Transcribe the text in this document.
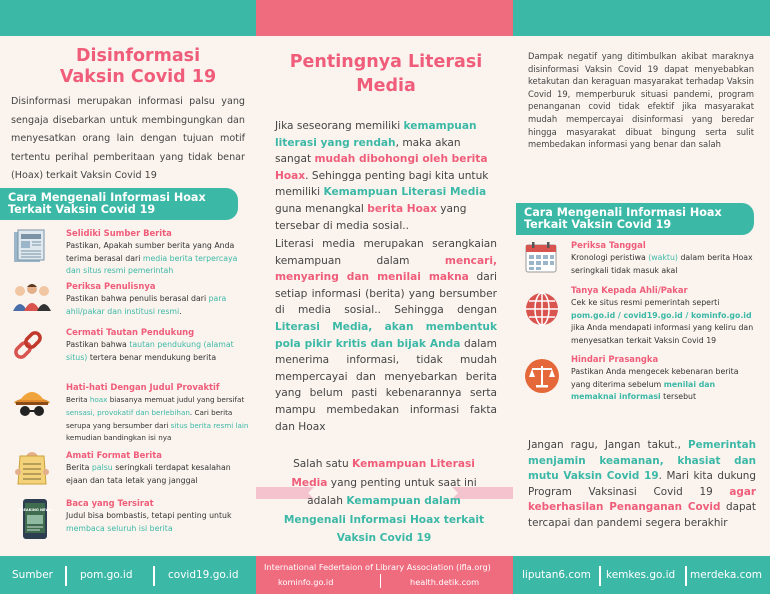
Disinformasi
Vaksin Covid 19
Disinformasi merupakan informasi palsu yang sengaja disebarkan untuk membingungkan dan menyesatkan orang lain dengan tujuan motif tertentu perihal pemberitaan yang tidak benar (Hoax) terkait Vaksin Covid 19
Cara Mengenali Informasi Hoax
Terkait Vaksin Covid 19
Selidiki Sumber Berita
Pastikan, Apakah sumber berita yang Anda terima berasal dari media berita terpercaya dan situs resmi pemerintah
Periksa Penulisnya
Pastikan bahwa penulis berasal dari para ahli/pakar dan institusi resmi.
Cermati Tautan Pendukung
Pastikan bahwa tautan pendukung (alamat situs) tertera benar mendukung berita
Hati-hati Dengan Judul Provaktif
Berita hoax biasanya memuat judul yang bersifat sensasi, provokatif dan berlebihan. Cari berita serupa yang bersumber dari situs berita resmi lain kemudian bandingkan isi nya
Amati Format Berita
Berita palsu seringkali terdapat kesalahan ejaan dan tata letak yang janggal
BREAKING NEWS
Baca yang Tersirat
Judul bisa bombastis, tetapi penting untuk membaca seluruh isi berita
Pentingnya Literasi
Media
Jika seseorang memiliki kemampuan literasi yang rendah, maka akan sangat mudah dibohongi oleh berita Hoax. Sehingga penting bagi kita untuk memiliki Kemampuan Literasi Media guna menangkal berita Hoax yang tersebar di media sosial..
Literasi media merupakan serangkaian kemampuan dalam mencari, menyaring dan menilai makna dari setiap informasi (berita) yang bersumber di media sosial.. Sehingga dengan Literasi Media, akan membentuk pola pikir kritis dan bijak Anda dalam menerima informasi, tidak mudah mempercayai dan menyebarkan berita yang belum pasti kebenarannya serta mampu membedakan informasi fakta dan Hoax
Salah satu Kemampuan Literasi Media yang penting untuk saat ini adalah Kemampuan dalam Mengenali Informasi Hoax terkait Vaksin Covid 19
Dampak negatif yang ditimbulkan akibat maraknya disinformasi Vaksin Covid 19 dapat menyebabkan ketakutan dan keraguan masyarakat terhadap Vaksin Covid 19, memperburuk situasi pandemi, program penanganan covid tidak efektif jika masyarakat mudah mempercayai disinformasi yang beredar hingga masyarakat dibuat bingung serta sulit membedakan informasi yang benar dan salah
Cara Mengenali Informasi Hoax
Terkait Vaksin Covid 19
Periksa Tanggal
Kronologi peristiwa (waktu) dalam berita Hoax seringkali tidak masuk akal
Tanya Kepada Ahli/Pakar
Cek ke situs resmi pemerintah seperti pom.go.id / covid19.go.id / kominfo.go.id jika Anda mendapati informasi yang keliru dan menyesatkan terkait Vaksin Covid 19
Hindari Prasangka
Pastikan Anda mengecek kebenaran berita yang diterima sebelum menilai dan memaknai informasi tersebut
Jangan ragu, Jangan takut., Pemerintah menjamin keamanan, khasiat dan mutu Vaksin Covid 19. Mari kita dukung Program Vaksinasi Covid 19 agar keberhasilan Penanganan Covid dapat tercapai dan pandemi segera berakhir
Sumber	pom.go.id	covid19.go.id
International Federtaion of Library Association (ifla.org)
kominfo.go.id	health.detik.com
liputan6.com kemkes.go.id merdeka.com
